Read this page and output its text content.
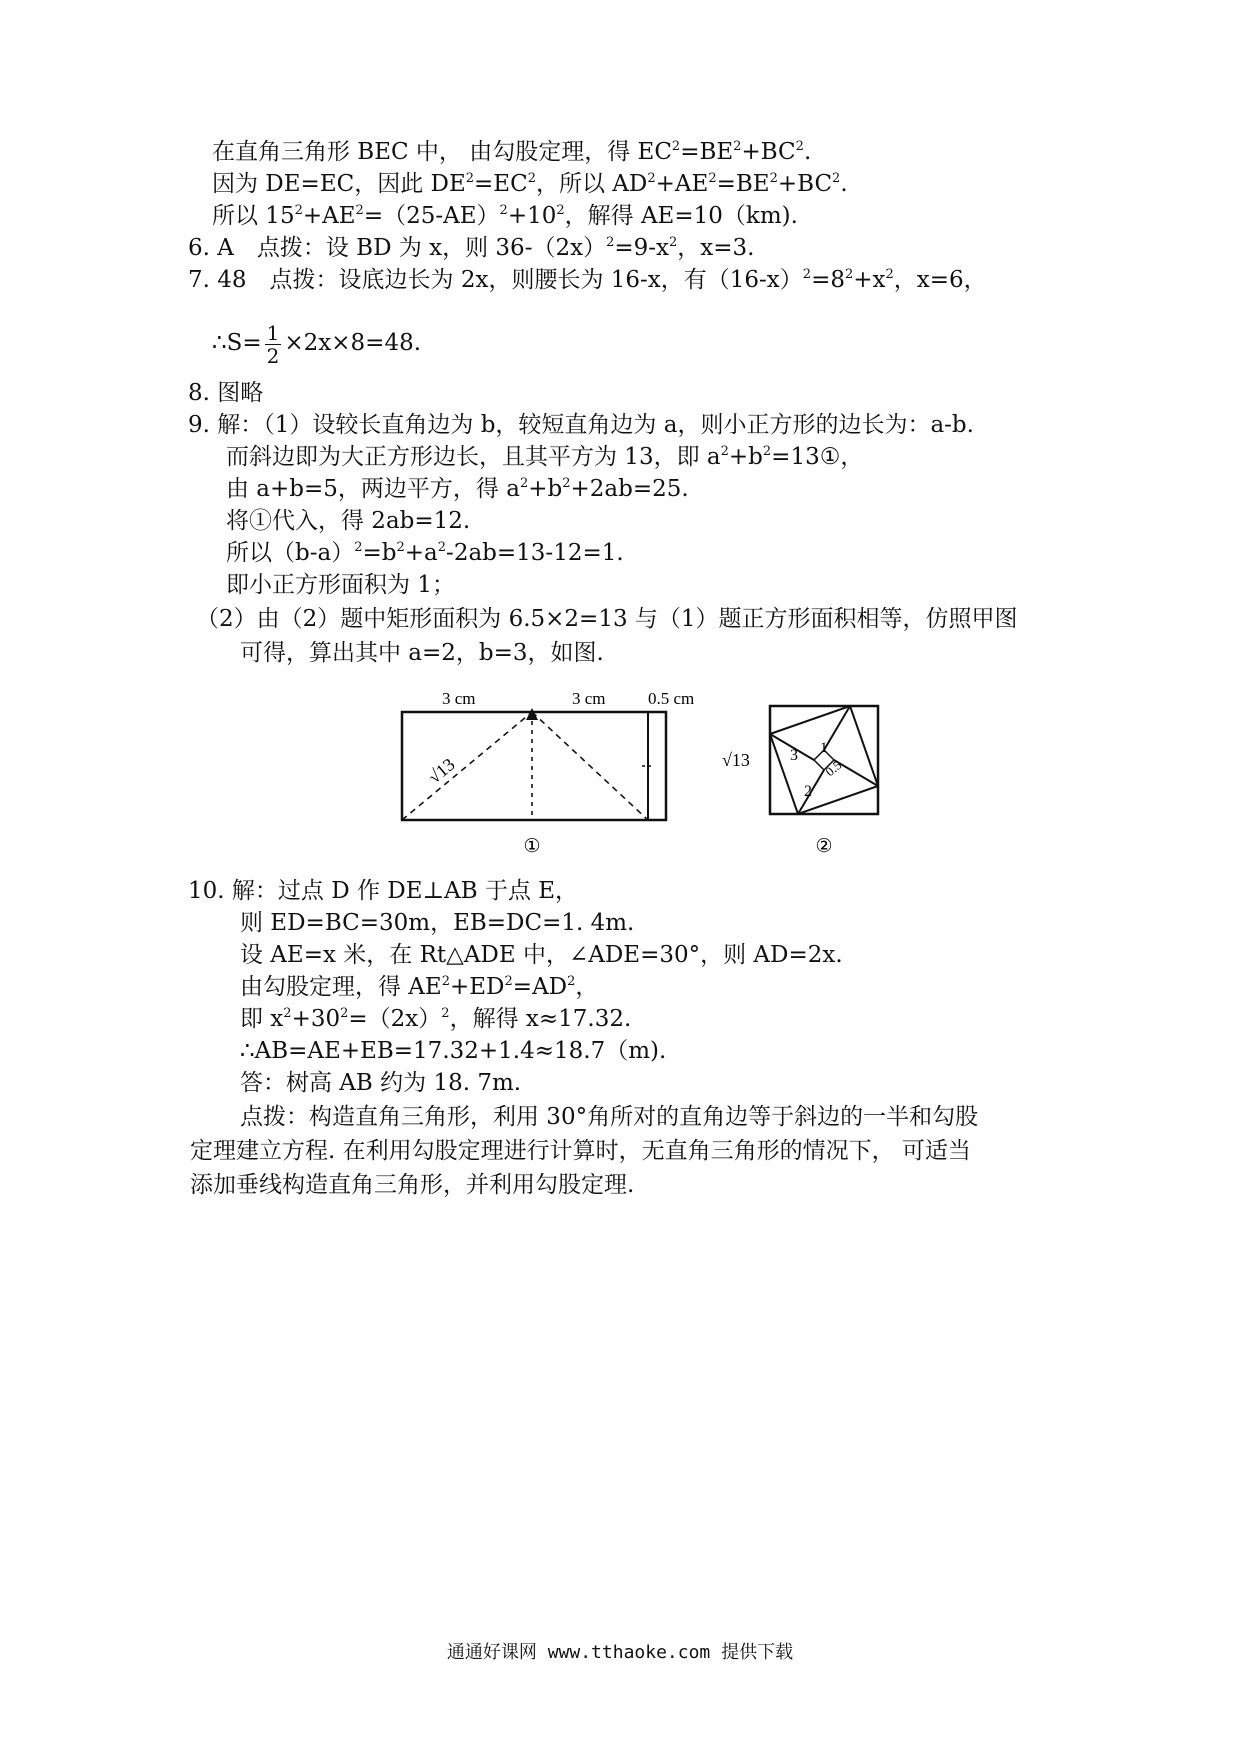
在直角三角形 BEC 中， 由勾股定理，得 $EC^2=BE^2+BC^2$.
因为 DE=EC，因此 $DE^2=EC^2$，所以 $AD^2+AE^2=BE^2+BC^2$.
所以 $15^2+AE^2=(25-AE)^2+10^2$，解得 AE=10（km).
6. A　点拨：设 BD 为 x，则 $36-(2x)^2=9-x^2$，x=3.
7. 48　点拨：设底边长为 2x，则腰长为 16-x，有$(16-x)^2=8^2+x^2$，x=6，
∴S= $\frac{1}{2} \times 2x\times 8=48$.
8. 图略
9. 解：（1）设较长直角边为 b，较短直角边为 a，则小正方形的边长为：a-b.
而斜边即为大正方形边长，且其平方为 13，即 $a^2+b^2=13①$，
由 a+b=5，两边平方，得 $a^2+b^2+2ab=25$.
将①代入，得 2ab=12.
所以$(b-a)^2=b^2+a^2-2ab=13-12=1$.
即小正方形面积为 1；
（2）由（2）题中矩形面积为 6.5×2=13 与（1）题正方形面积相等，仿照甲图
可得，算出其中 a=2，b=3，如图.
3 cm	3 cm 0.5 cm
√13
①
√13	3
2
1
0.5
②
10. 解：过点 D 作 DE⊥AB 于点 E，
则 ED=BC=30m，EB=DC=1. 4m.
设 AE=x 米，在 Rt△ADE 中，∠ADE=30°，则 AD=2x.
由勾股定理，得 $AE^2+ED^2=AD^2$，
即 $x^2+30^2=(2x)^2$，解得 x≈17.32.
∴AB=AE+EB=17.32+1.4≈18.7（m).
答：树高 AB 约为 18. 7m.
点拨：构造直角三角形，利用 30°角所对的直角边等于斜边的一半和勾股
定理建立方程. 在利用勾股定理进行计算时，无直角三角形的情况下， 可适当
添加垂线构造直角三角形，并利用勾股定理.
通通好课网 www.tthaoke.com 提供下载
